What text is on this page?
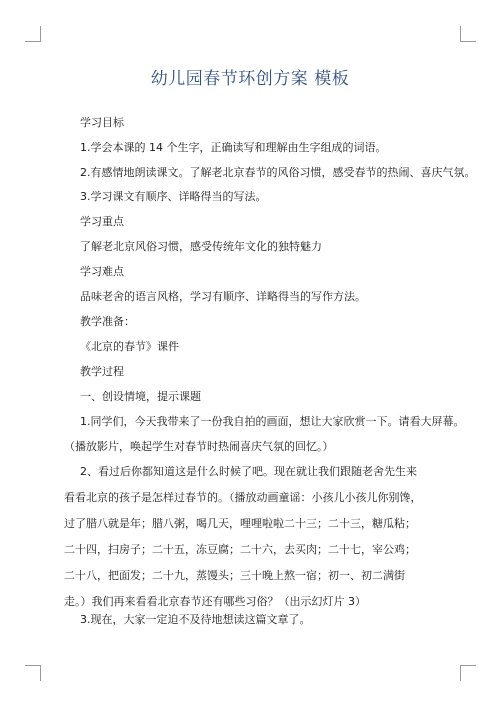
幼儿园春节环创方案 模板
学习目标
1.学会本课的 14 个生字，正确读写和理解由生字组成的词语。
2.有感情地朗读课文。了解老北京春节的风俗习惯，感受春节的热闹、喜庆气氛。
3.学习课文有顺序、详略得当的写法。
学习重点
了解老北京风俗习惯，感受传统年文化的独特魅力
学习难点
品味老舍的语言风格，学习有顺序、详略得当的写作方法。
教学准备：
《北京的春节》课件
教学过程
一、创设情境，提示课题
1.同学们，今天我带来了一份我自拍的画面，想让大家欣赏一下。请看大屏幕。
（播放影片，唤起学生对春节时热闹喜庆气氛的回忆。）
2、看过后你都知道这是什么时候了吧。现在就让我们跟随老舍先生来看看北京的孩子是怎样过春节的。（播放动画童谣：小孩儿小孩儿你别馋，过了腊八就是年；腊八粥，喝几天，哩哩啦啦二十三；二十三，糖瓜粘；二十四，扫房子；二十五，冻豆腐；二十六，去买肉；二十七，宰公鸡；二十八，把面发；二十九，蒸馒头；三十晚上熬一宿；初一、初二满街走。）我们再来看看北京春节还有哪些习俗？（出示幻灯片 3）
3.现在，大家一定迫不及待地想读这篇文章了。
